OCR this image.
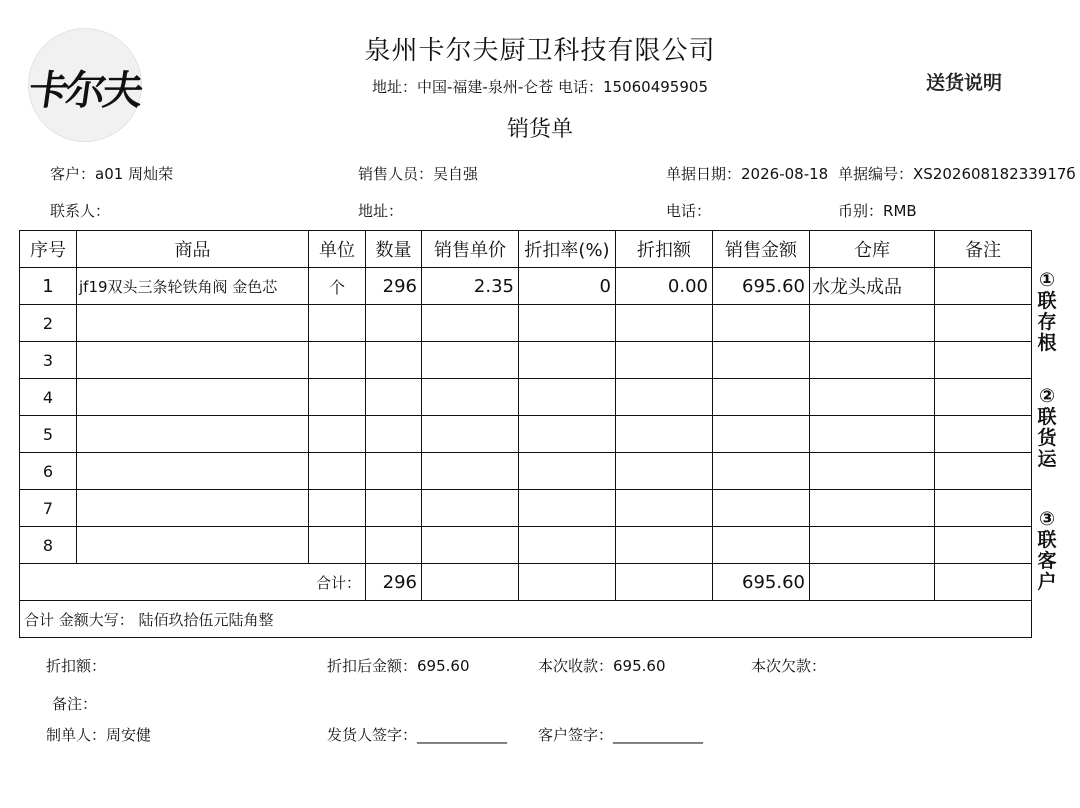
卡尔夫
泉州卡尔夫厨卫科技有限公司
地址：中国-福建-泉州-仑苍 电话：15060495905
销货单
送货说明
客户：a01 周灿荣	销售人员：吴自强	单据日期：2026-08-18 单据编号：XS20260818233917б
联系人：	地址：	电话：	币别：RMB
序号	商品	单位	数量	销售单价	折扣率(%)	折扣额	销售金额	仓库	备注
1	jf19双头三条轮铁角阀 金色芯	个	296	2.35	0	0.00	695.60	水龙头成品	
2									
3									
4									
5									
6									
7									
8									
合计：			296				695.60		
合计 金额大写： 陆佰玖拾伍元陆角整									
①联存根
②联货运
③联客户
折扣额：	折扣后金额：695.60	本次收款：695.60	本次欠款：
备注：
制单人：周安健	发货人签字：____________ 客户签字：____________
